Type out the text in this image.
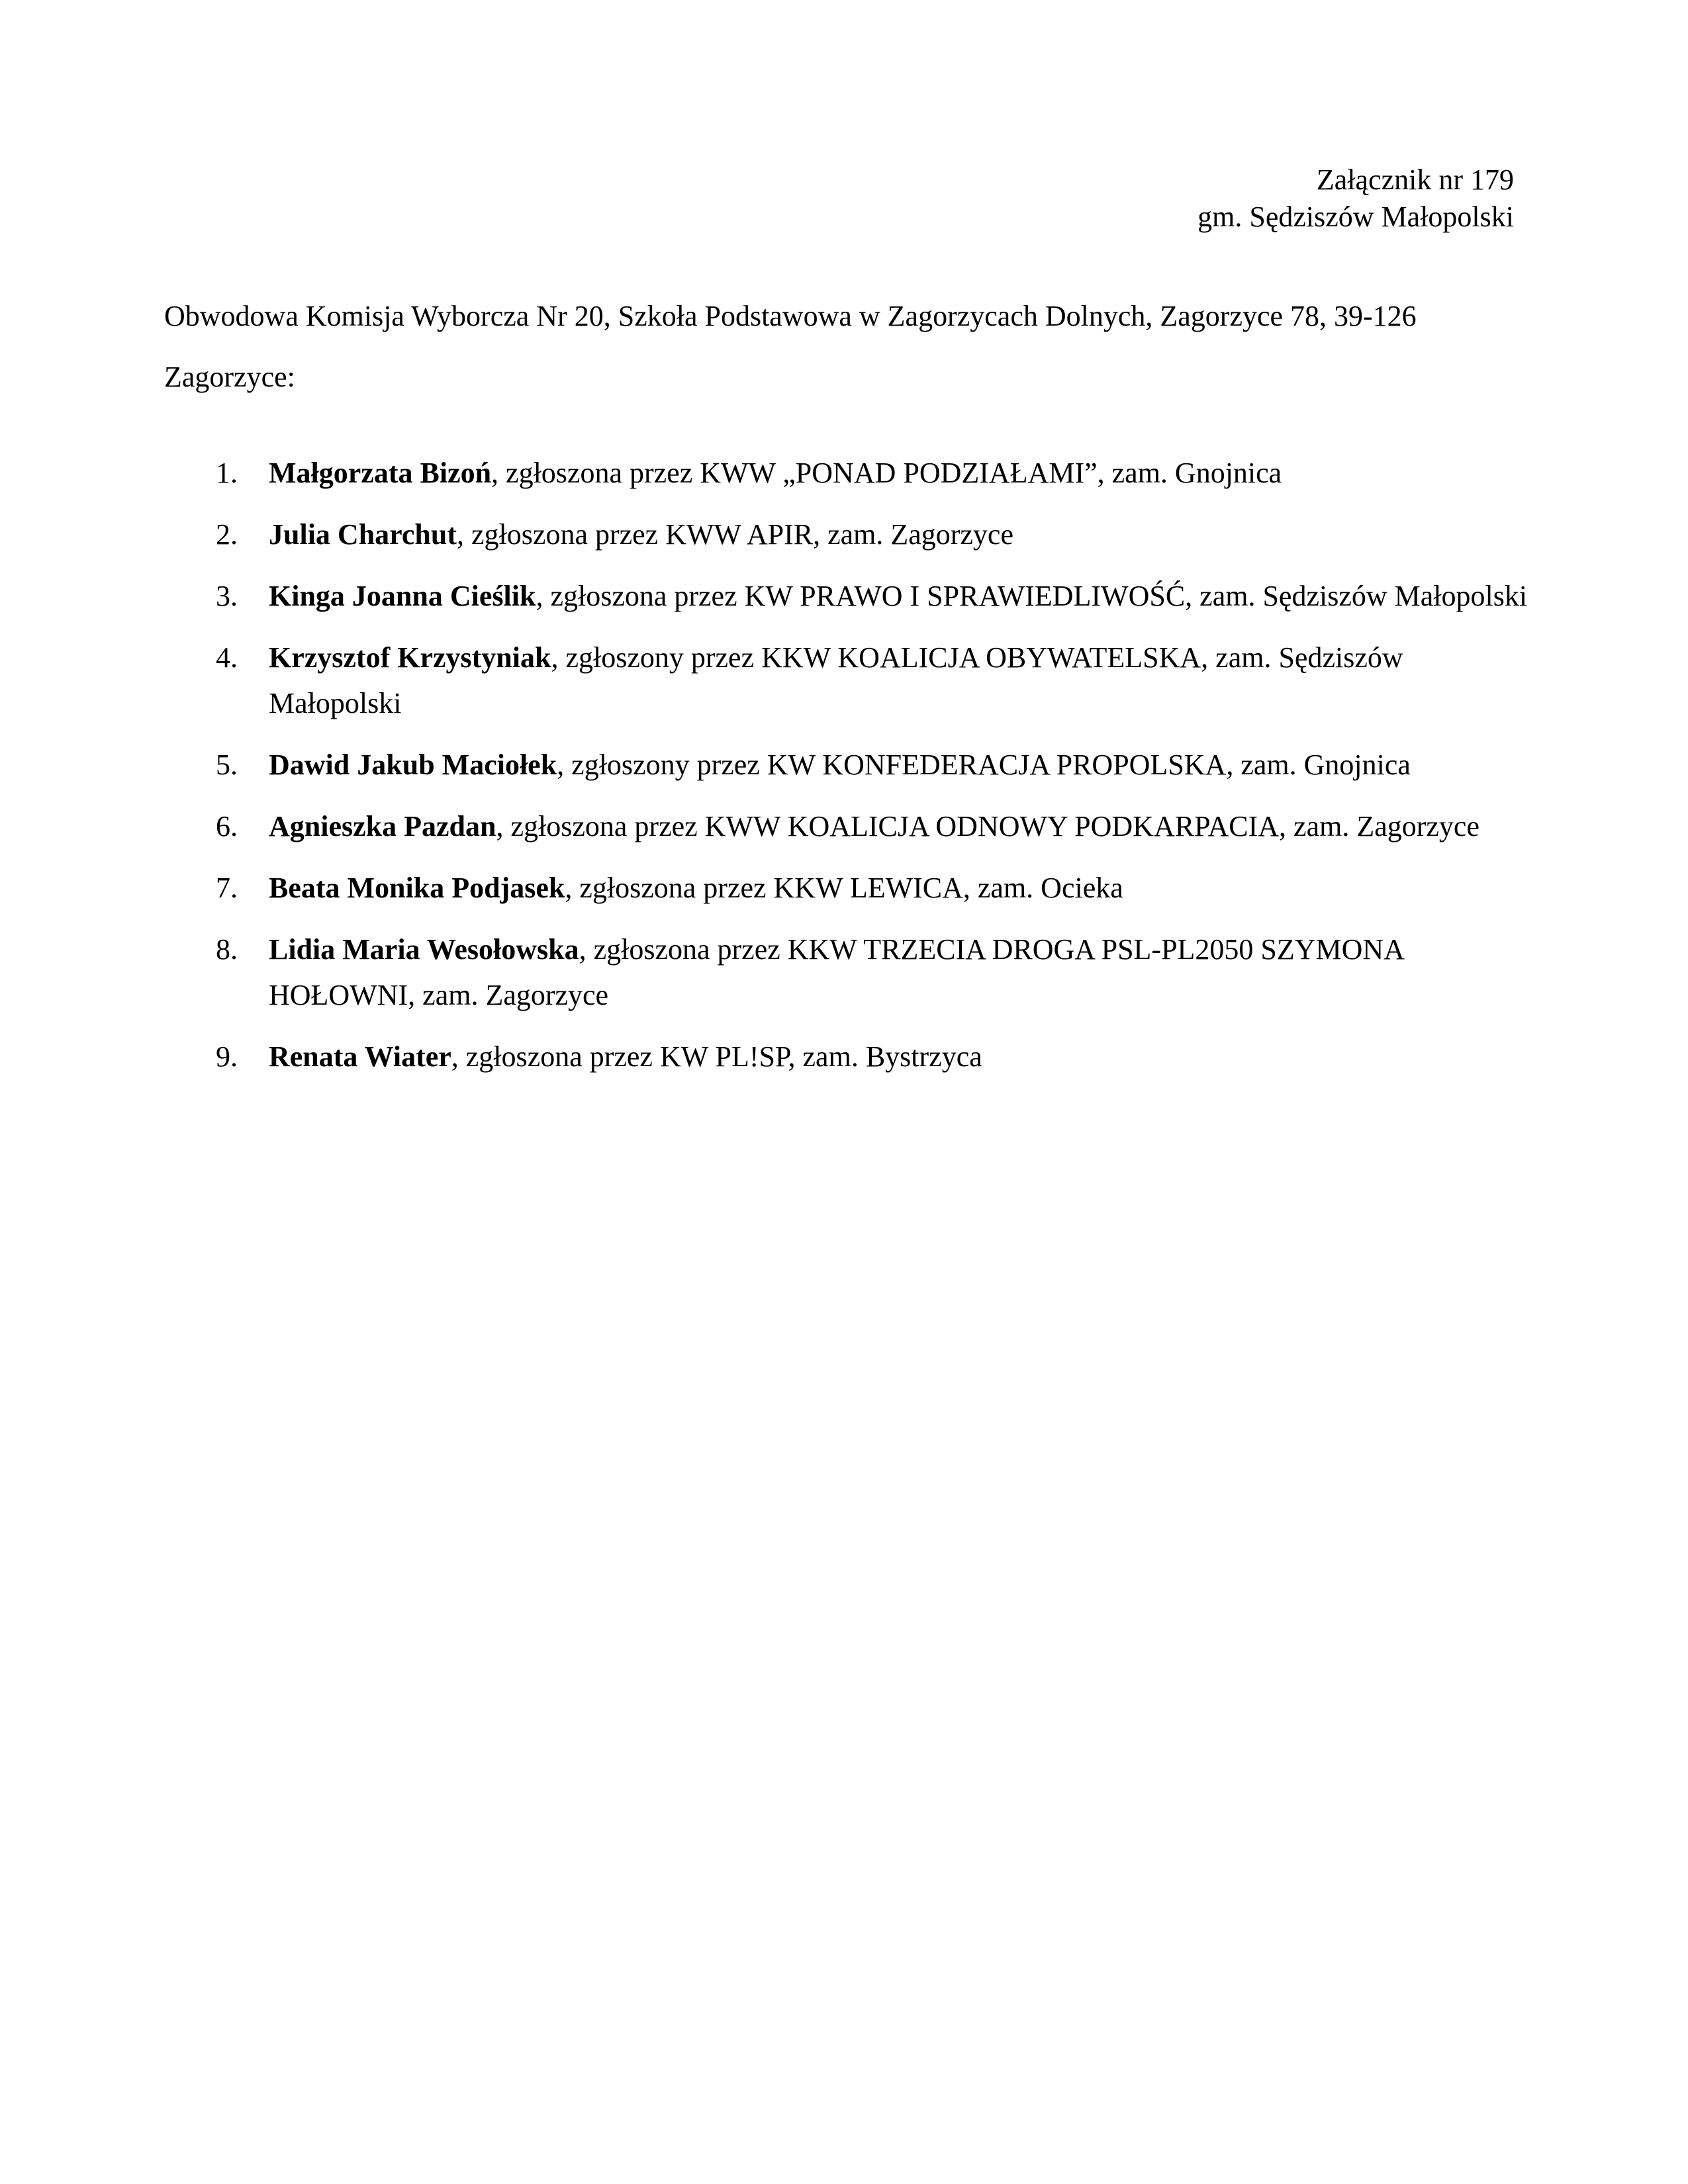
Załącznik nr 179
gm. Sędziszów Małopolski
Obwodowa Komisja Wyborcza Nr 20, Szkoła Podstawowa w Zagorzycach Dolnych, Zagorzyce 78, 39-126 Zagorzyce:
1. Małgorzata Bizoń, zgłoszona przez KWW „PONAD PODZIAŁAMI”, zam. Gnojnica
2. Julia Charchut, zgłoszona przez KWW APIR, zam. Zagorzyce
3. Kinga Joanna Cieślik, zgłoszona przez KW PRAWO I SPRAWIEDLIWOŚĆ, zam. Sędziszów Małopolski
4. Krzysztof Krzystyniak, zgłoszony przez KKW KOALICJA OBYWATELSKA, zam. Sędziszów Małopolski
5. Dawid Jakub Maciołek, zgłoszony przez KW KONFEDERACJA PROPOLSKA, zam. Gnojnica
6. Agnieszka Pazdan, zgłoszona przez KWW KOALICJA ODNOWY PODKARPACIA, zam. Zagorzyce
7. Beata Monika Podjasek, zgłoszona przez KKW LEWICA, zam. Ocieka
8. Lidia Maria Wesołowska, zgłoszona przez KKW TRZECIA DROGA PSL-PL2050 SZYMONA HOŁOWNI, zam. Zagorzyce
9. Renata Wiater, zgłoszona przez KW PL!SP, zam. Bystrzyca
